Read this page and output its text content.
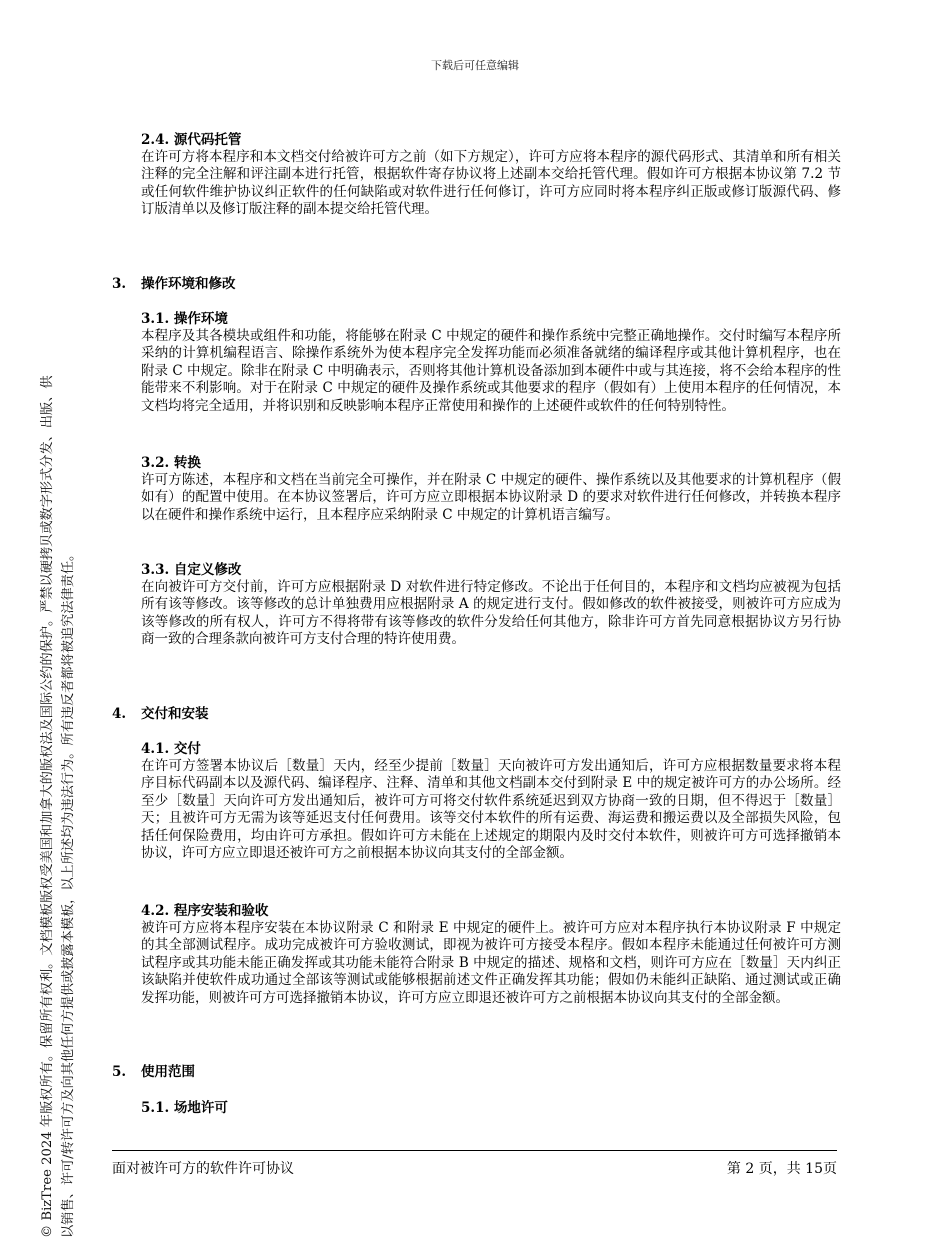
下载后可任意编辑
© BizTree 2024 年版权所有。保留所有权利。文档模板版权受美国和加拿大的版权法及国际公约的保护。严禁以硬拷贝或数字形式分发、出版、供 以销售、许可/转许可方及向其他任何方提供或披露本模板，以上所述均为违法行为。所有违反者都将被追究法律责任。
2.4. 源代码托管
在许可方将本程序和本文档交付给被许可方之前（如下方规定），许可方应将本程序的源代码形式、其清单和所有相关注释的完全注解和评注副本进行托管，根据软件寄存协议将上述副本交给托管代理。假如许可方根据本协议第 7.2 节或任何软件维护协议纠正软件的任何缺陷或对软件进行任何修订，许可方应同时将本程序纠正版或修订版源代码、修订版清单以及修订版注释的副本提交给托管代理。
3. 操作环境和修改
3.1. 操作环境
本程序及其各模块或组件和功能，将能够在附录 C 中规定的硬件和操作系统中完整正确地操作。交付时编写本程序所采纳的计算机编程语言、除操作系统外为使本程序完全发挥功能而必须准备就绪的编译程序或其他计算机程序，也在附录 C 中规定。除非在附录 C 中明确表示，否则将其他计算机设备添加到本硬件中或与其连接，将不会给本程序的性能带来不利影响。对于在附录 C 中规定的硬件及操作系统或其他要求的程序（假如有）上使用本程序的任何情况，本文档均将完全适用，并将识别和反映影响本程序正常使用和操作的上述硬件或软件的任何特别特性。
3.2. 转换
许可方陈述，本程序和文档在当前完全可操作，并在附录 C 中规定的硬件、操作系统以及其他要求的计算机程序（假如有）的配置中使用。在本协议签署后，许可方应立即根据本协议附录 D 的要求对软件进行任何修改，并转换本程序以在硬件和操作系统中运行，且本程序应采纳附录 C 中规定的计算机语言编写。
3.3. 自定义修改
在向被许可方交付前，许可方应根据附录 D 对软件进行特定修改。不论出于任何目的，本程序和文档均应被视为包括所有该等修改。该等修改的总计单独费用应根据附录 A 的规定进行支付。假如修改的软件被接受，则被许可方应成为该等修改的所有权人，许可方不得将带有该等修改的软件分发给任何其他方，除非许可方首先同意根据协议方另行协商一致的合理条款向被许可方支付合理的特许使用费。
4. 交付和安装
4.1. 交付
在许可方签署本协议后［数量］天内，经至少提前［数量］天向被许可方发出通知后，许可方应根据数量要求将本程序目标代码副本以及源代码、编译程序、注释、清单和其他文档副本交付到附录 E 中的规定被许可方的办公场所。经至少［数量］天向许可方发出通知后，被许可方可将交付软件系统延迟到双方协商一致的日期，但不得迟于［数量］天；且被许可方无需为该等延迟支付任何费用。该等交付本软件的所有运费、海运费和搬运费以及全部损失风险，包括任何保险费用，均由许可方承担。假如许可方未能在上述规定的期限内及时交付本软件，则被许可方可选择撤销本协议，许可方应立即退还被许可方之前根据本协议向其支付的全部金额。
4.2. 程序安装和验收
被许可方应将本程序安装在本协议附录 C 和附录 E 中规定的硬件上。被许可方应对本程序执行本协议附录 F 中规定的其全部测试程序。成功完成被许可方验收测试，即视为被许可方接受本程序。假如本程序未能通过任何被许可方测试程序或其功能未能正确发挥或其功能未能符合附录 B 中规定的描述、规格和文档，则许可方应在［数量］天内纠正该缺陷并使软件成功通过全部该等测试或能够根据前述文件正确发挥其功能；假如仍未能纠正缺陷、通过测试或正确发挥功能，则被许可方可选择撤销本协议，许可方应立即退还被许可方之前根据本协议向其支付的全部金额。
5. 使用范围
5.1. 场地许可
面对被许可方的软件许可协议	第 2 页，共 15页
